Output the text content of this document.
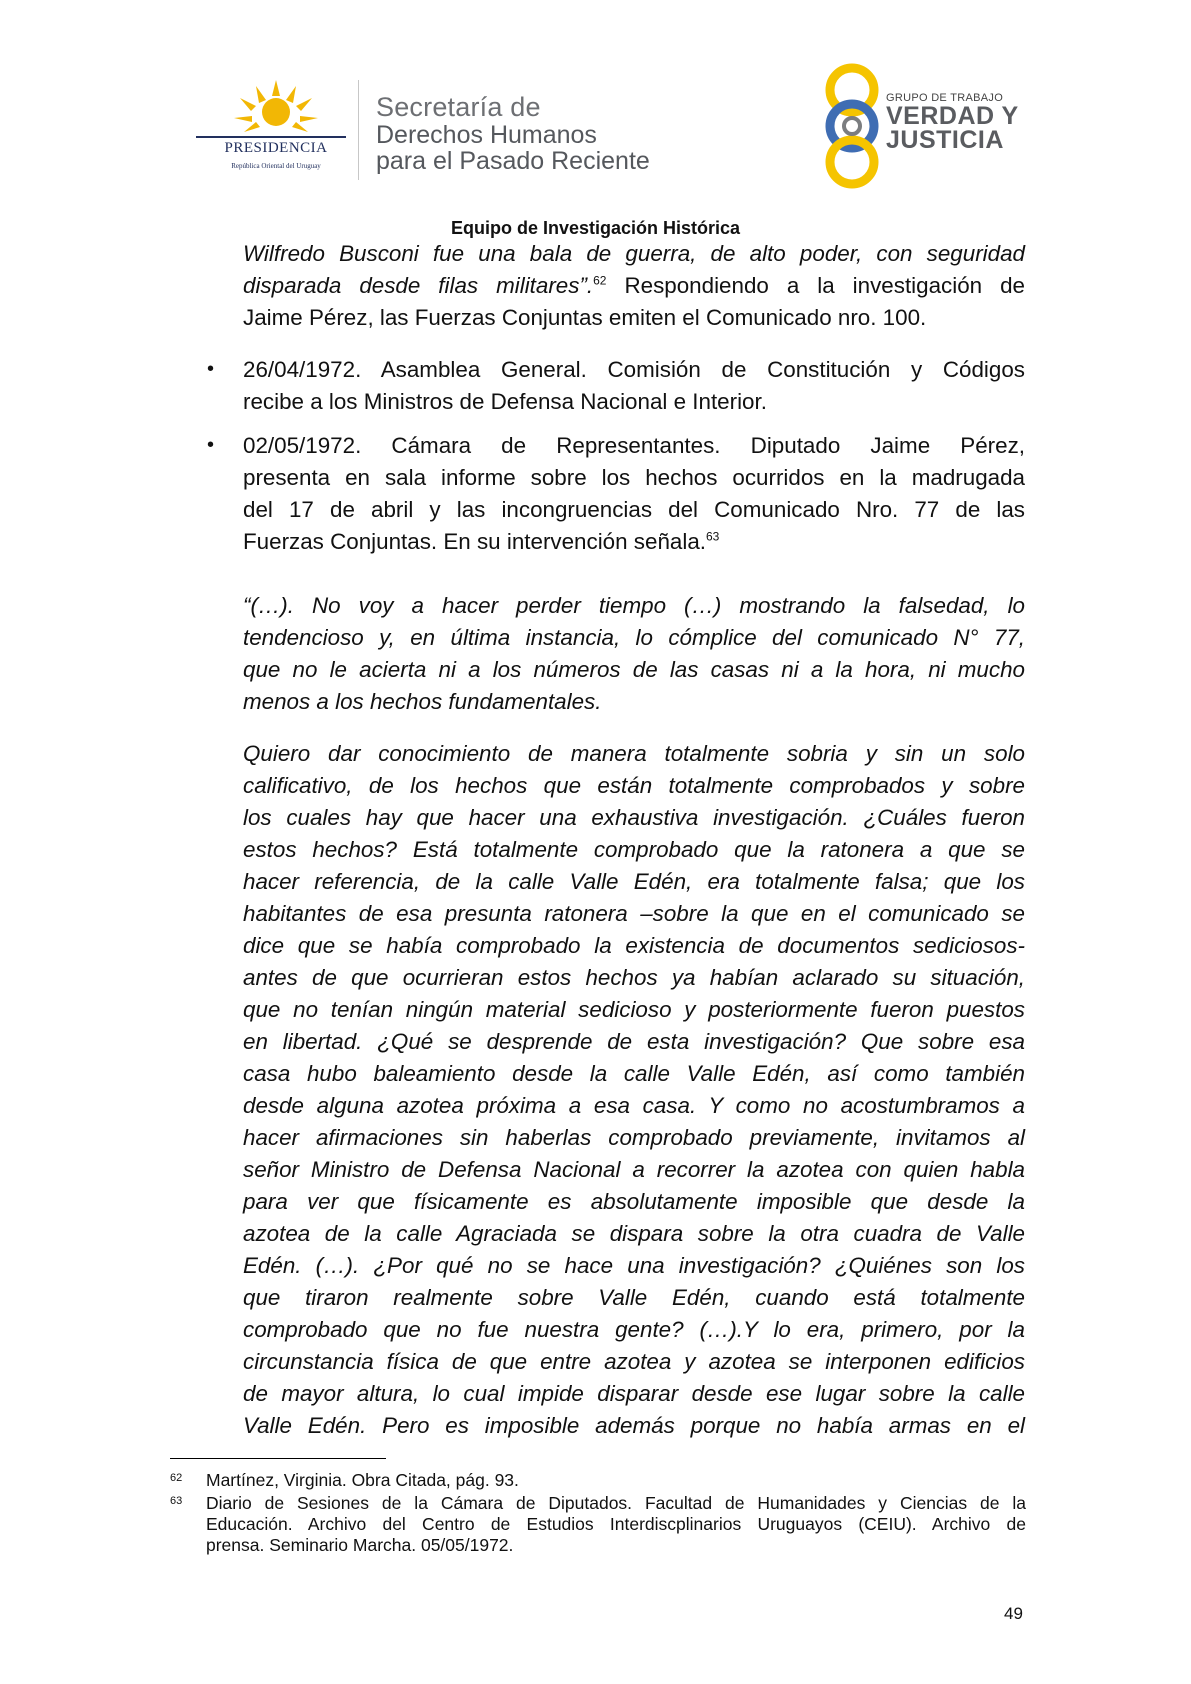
PRESIDENCIA
República Oriental del Uruguay
Secretaría de
Derechos Humanos
para el Pasado Reciente
GRUPO DE TRABAJO
VERDAD Y
JUSTICIA
Equipo de Investigación Histórica
Wilfredo Busconi fue una bala de guerra, de alto poder, con seguridad
disparada desde filas militares”.$^{62}$ Respondiendo a la investigación de
Jaime Pérez, las Fuerzas Conjuntas emiten el Comunicado nro. 100.
• 26/04/1972. Asamblea General. Comisión de Constitución y Códigos
recibe a los Ministros de Defensa Nacional e Interior.
• 02/05/1972. Cámara de Representantes. Diputado Jaime Pérez,
presenta en sala informe sobre los hechos ocurridos en la madrugada
del 17 de abril y las incongruencias del Comunicado Nro. 77 de las
Fuerzas Conjuntas. En su intervención señala.$^{63}$
“(…). No voy a hacer perder tiempo (…) mostrando la falsedad, lo
tendencioso y, en última instancia, lo cómplice del comunicado N° 77,
que no le acierta ni a los números de las casas ni a la hora, ni mucho
menos a los hechos fundamentales.
Quiero dar conocimiento de manera totalmente sobria y sin un solo
calificativo, de los hechos que están totalmente comprobados y sobre
los cuales hay que hacer una exhaustiva investigación. ¿Cuáles fueron
estos hechos? Está totalmente comprobado que la ratonera a que se
hacer referencia, de la calle Valle Edén, era totalmente falsa; que los
habitantes de esa presunta ratonera –sobre la que en el comunicado se
dice que se había comprobado la existencia de documentos sediciosos-
antes de que ocurrieran estos hechos ya habían aclarado su situación,
que no tenían ningún material sedicioso y posteriormente fueron puestos
en libertad. ¿Qué se desprende de esta investigación? Que sobre esa
casa hubo baleamiento desde la calle Valle Edén, así como también
desde alguna azotea próxima a esa casa. Y como no acostumbramos a
hacer afirmaciones sin haberlas comprobado previamente, invitamos al
señor Ministro de Defensa Nacional a recorrer la azotea con quien habla
para ver que físicamente es absolutamente imposible que desde la
azotea de la calle Agraciada se dispara sobre la otra cuadra de Valle
Edén. (…). ¿Por qué no se hace una investigación? ¿Quiénes son los
que tiraron realmente sobre Valle Edén, cuando está totalmente
comprobado que no fue nuestra gente? (…).Y lo era, primero, por la
circunstancia física de que entre azotea y azotea se interponen edificios
de mayor altura, lo cual impide disparar desde ese lugar sobre la calle
Valle Edén. Pero es imposible además porque no había armas en el
62 Martínez, Virginia. Obra Citada, pág. 93.
63 Diario de Sesiones de la Cámara de Diputados. Facultad de Humanidades y Ciencias de la
Educación. Archivo del Centro de Estudios Interdiscplinarios Uruguayos (CEIU). Archivo de
prensa. Seminario Marcha. 05/05/1972.
49
